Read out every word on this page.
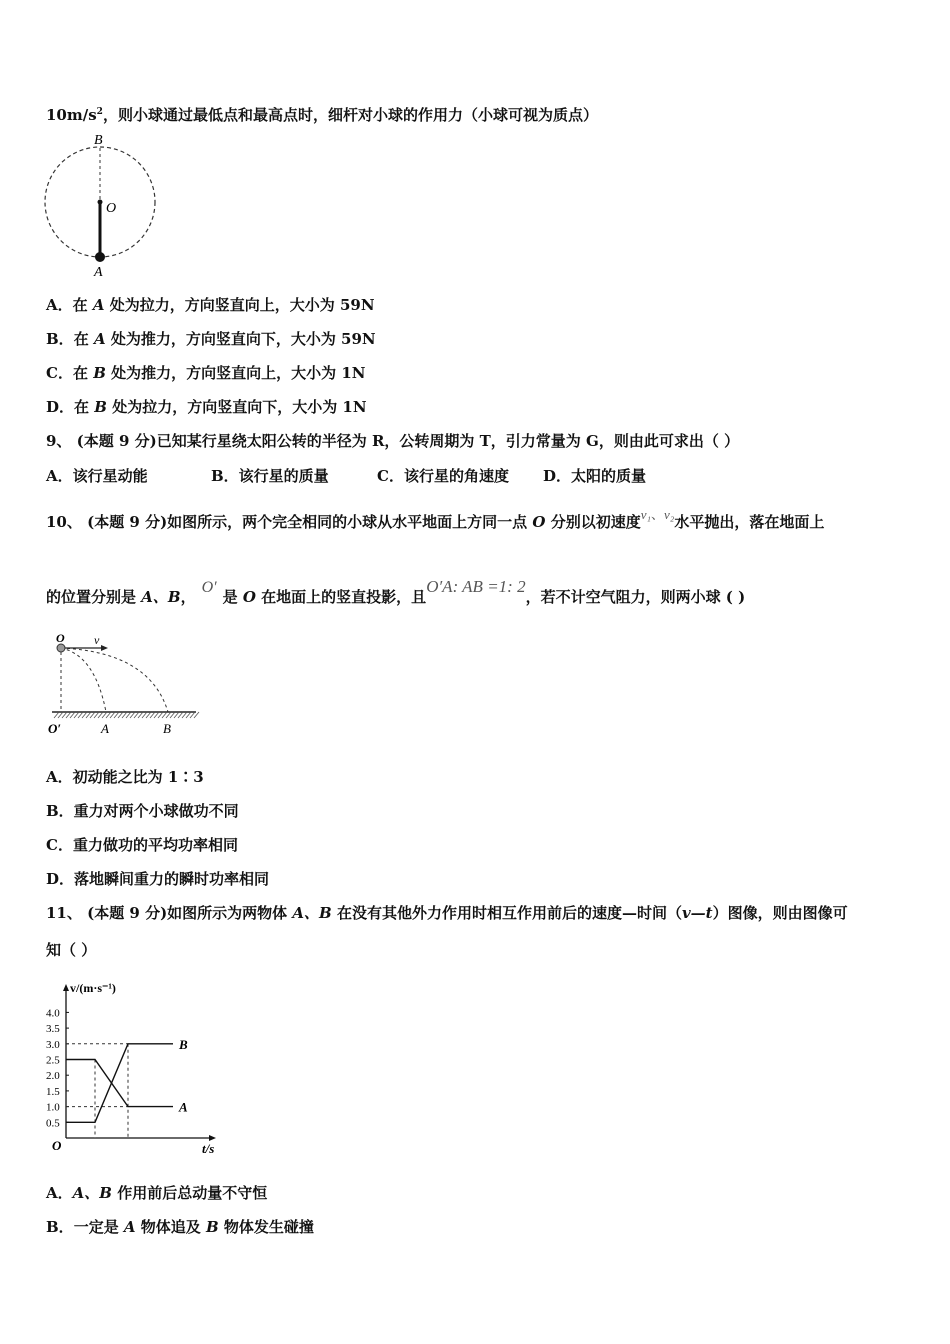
$10m/s^2$，则小球通过最低点和最高点时，细杆对小球的作用力（小球可视为质点）
B
O
A
O v
O′	A	B
v/(m·s⁻¹)
t/s
O
0.5
1.0
1.5
2.0
2.5
3.0
3.5
4.0
A
B
A．在 A 处为拉力，方向竖直向上，大小为 59N
B．在 A 处为推力，方向竖直向下，大小为 59N
C．在 B 处为推力，方向竖直向上，大小为 1N
D．在 B 处为拉力，方向竖直向下，大小为 1N
9、 (本题 9 分)已知某行星绕太阳公转的半径为 R，公转周期为 T，引力常量为 G，则由此可求出（ ）
A．该行星动能	B．该行星的质量	C．该行星的角速度 D．太阳的质量
10、 (本题 9 分)如图所示，两个完全相同的小球从水平地面上方同一点 O 分别以初速度v₁、v₂水平抛出，落在地面上
的位置分别是 A、B，O′是 O 在地面上的竖直投影，且O′A: AB =1: 2，若不计空气阻力，则两小球 ( )
A．初动能之比为 1∶3
B．重力对两个小球做功不同
C．重力做功的平均功率相同
D．落地瞬间重力的瞬时功率相同
11、 (本题 9 分)如图所示为两物体 A、B 在没有其他外力作用时相互作用前后的速度—时间（v—t）图像，则由图像可
知（ ）
A．A、B 作用前后总动量不守恒
B．一定是 A 物体追及 B 物体发生碰撞
